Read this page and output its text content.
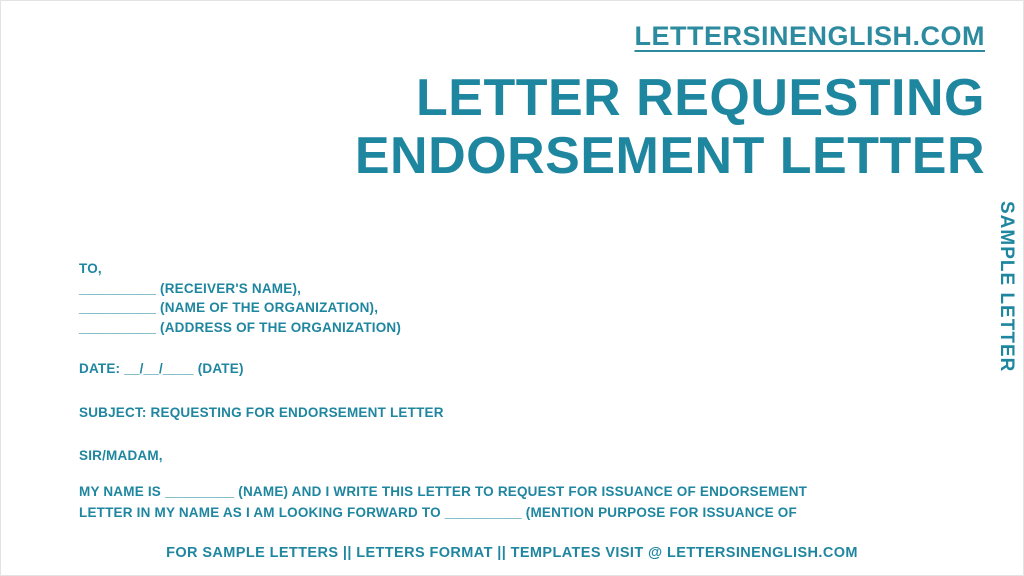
LETTERSINENGLISH.COM
LETTER REQUESTING
ENDORSEMENT LETTER
SAMPLE LETTER
TO,
__________ (RECEIVER'S NAME),
__________ (NAME OF THE ORGANIZATION),
__________ (ADDRESS OF THE ORGANIZATION)
DATE: __/__/____ (DATE)
SUBJECT: REQUESTING FOR ENDORSEMENT LETTER
SIR/MADAM,
MY NAME IS _________ (NAME) AND I WRITE THIS LETTER TO REQUEST FOR ISSUANCE OF ENDORSEMENT
LETTER IN MY NAME AS I AM LOOKING FORWARD TO __________ (MENTION PURPOSE FOR ISSUANCE OF
FOR SAMPLE LETTERS || LETTERS FORMAT || TEMPLATES VISIT @ LETTERSINENGLISH.COM
